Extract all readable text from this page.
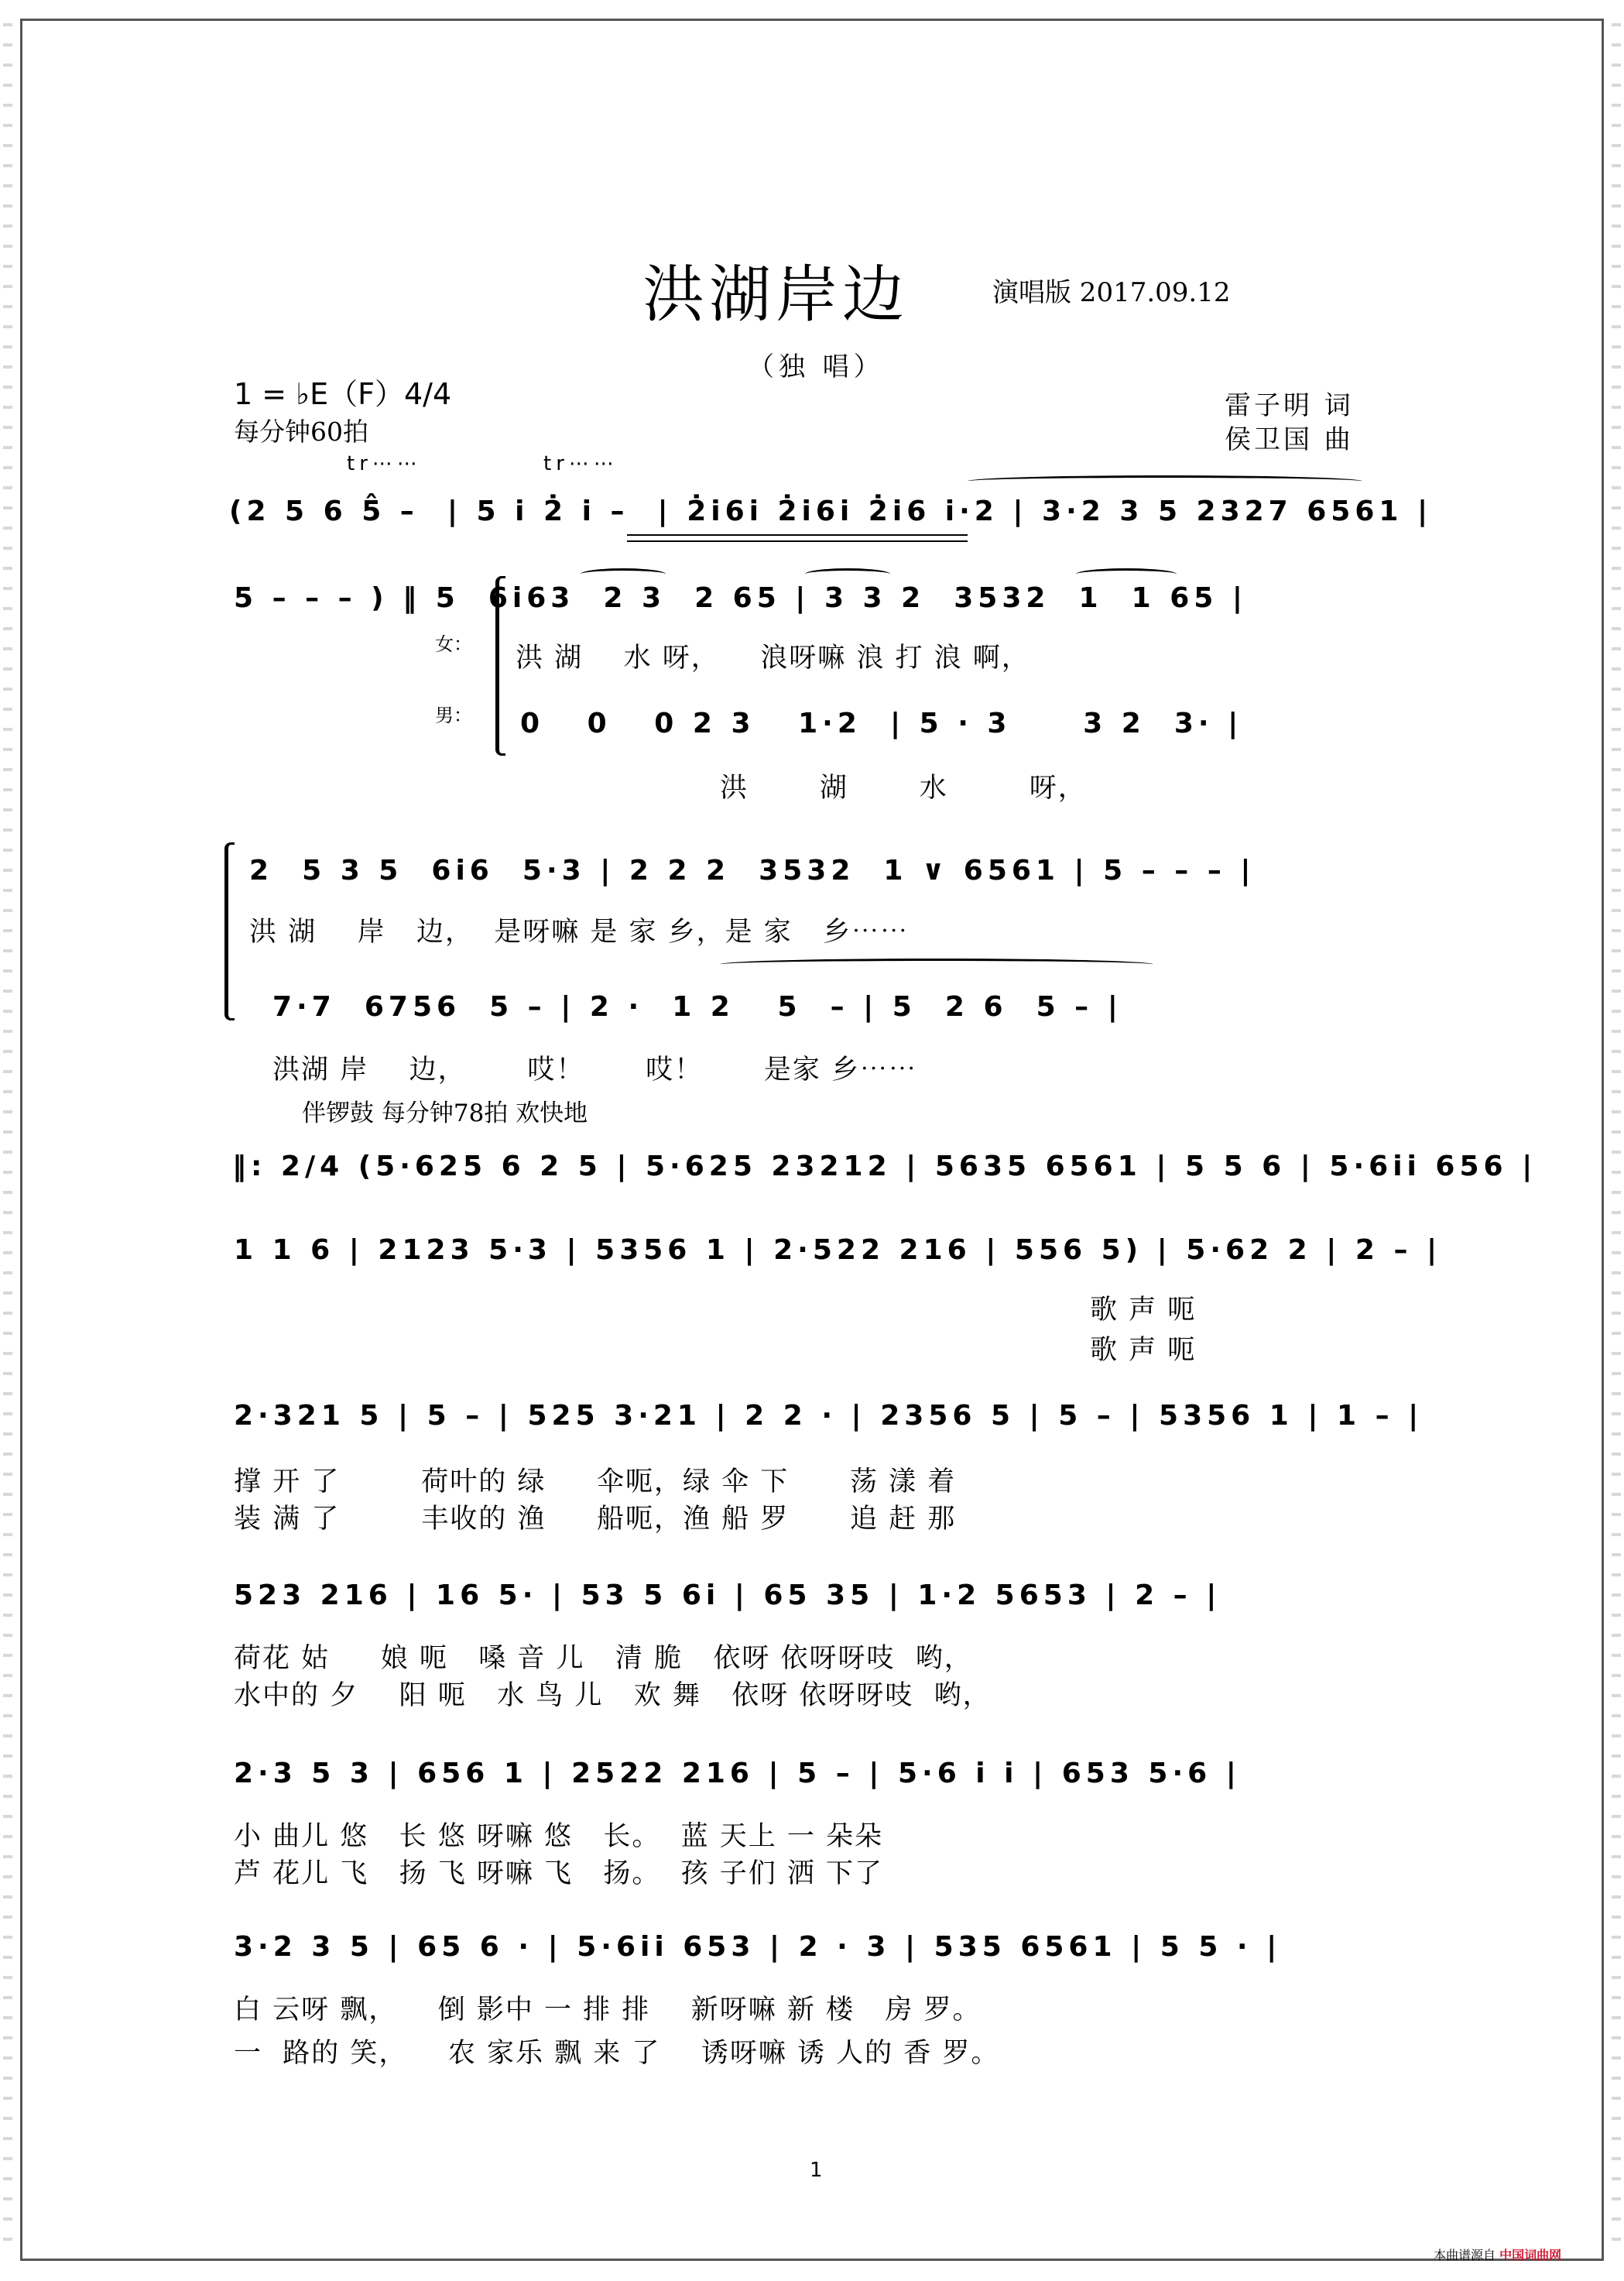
洪湖岸边	演唱版 2017.09.12
（独 唱）
1 = ♭E（F）4/4
每分钟60拍
雷子明 词
侯卫国 曲
tr⋯⋯	tr⋯⋯
(2 5 6 5̂ –  | 5 i 2̇ i –  | 2̇i6i 2̇i6i 2̇i6 i·2 | 3·2 3 5 2327 6561 |
5 – – – ) ‖ 5  6i63  2 3  2 65 | 3 3 2  3532  1  1 65 |
女： 洪 湖    水 呀，    浪呀嘛 浪 打 浪 啊，
男： 0   0   0 2 3   1·2  | 5 · 3     3 2  3· |
洪       湖       水        呀，
2  5 3 5  6i6  5·3 | 2 2 2  3532  1 ∨ 6561 | 5 – – – |
洪 湖    岸   边，  是呀嘛 是 家 乡，是 家   乡⋯⋯
7·7  6756  5 – | 2 ·  1 2   5  – | 5  2 6  5 – |
洪湖 岸    边，      哎！      哎！      是家 乡⋯⋯
伴锣鼓 每分钟78拍 欢快地
‖: 2/4 (5·625 6 2 5 | 5·625 23212 | 5635 6561 | 5 5 6 | 5·6ii 656 |
1 1 6 | 2123 5·3 | 5356 1 | 2·522 216 | 556 5) | 5·62 2 | 2 – |
歌 声 呃
歌 声 呃
2·321 5 | 5 – | 525 3·21 | 2 2 · | 2356 5 | 5 – | 5356 1 | 1 – |
撑 开 了        荷叶的 绿     伞呃，绿 伞 下      荡 漾 着
装 满 了        丰收的 渔     船呃，渔 船 罗      追 赶 那
523 216 | 16 5· | 53 5 6i | 65 35 | 1·2 5653 | 2 – |
荷花 姑     娘 呃   嗓 音 儿   清 脆   依呀 依呀呀吱  哟，
水中的 夕    阳 呃   水 鸟 儿   欢 舞   依呀 依呀呀吱  哟，
2·3 5 3 | 656 1 | 2522 216 | 5 – | 5·6 i i | 653 5·6 |
小 曲儿 悠   长 悠 呀嘛 悠   长。  蓝 天上 一 朵朵
芦 花儿 飞   扬 飞 呀嘛 飞   扬。  孩 子们 洒 下了
3·2 3 5 | 65 6 · | 5·6ii 653 | 2 · 3 | 535 6561 | 5 5 · |
白 云呀 飘，    倒 影中 一 排 排    新呀嘛 新 楼   房 罗。
一  路的 笑，    农 家乐 飘 来 了    诱呀嘛 诱 人的 香 罗。
1
本曲谱源自 中国词曲网
